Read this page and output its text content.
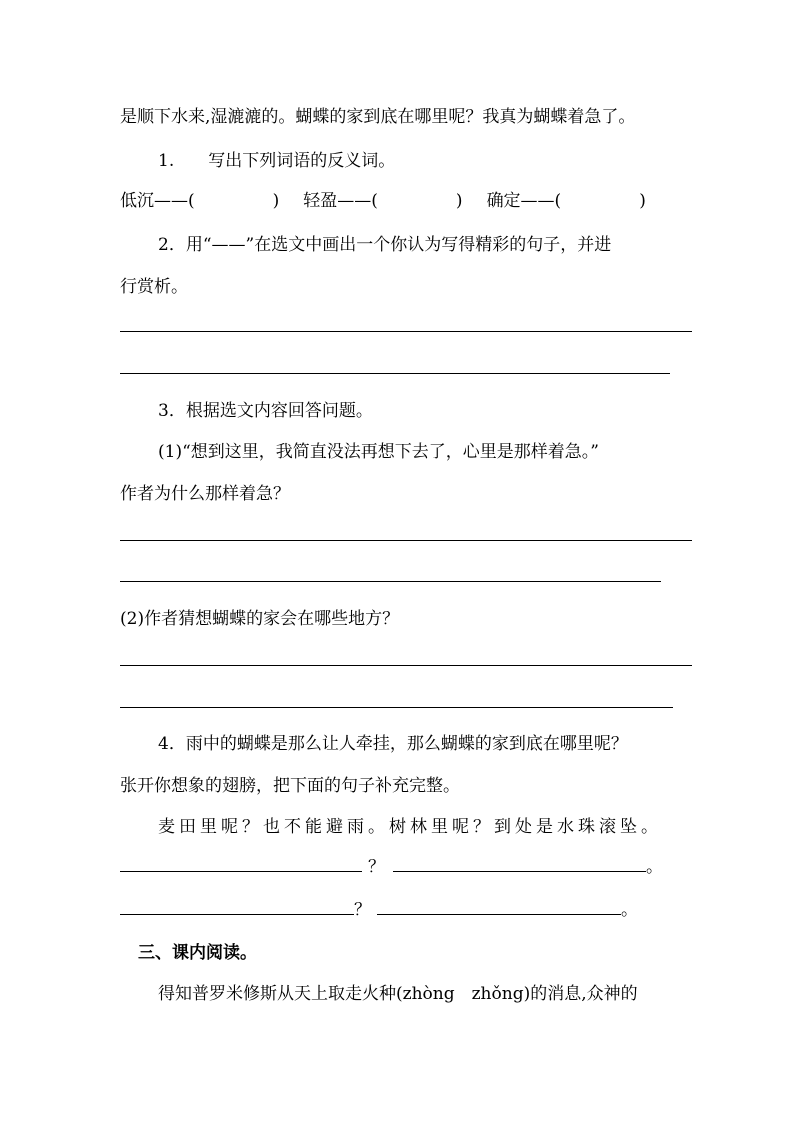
是顺下水来,湿漉漉的。蝴蝶的家到底在哪里呢？我真为蝴蝶着急了。
1.　　写出下列词语的反义词。
低沉——(	) 轻盈——(	) 确定——(	)
2．用“——”在选文中画出一个你认为写得精彩的句子，并进
行赏析。
3．根据选文内容回答问题。
(1)“想到这里，我简直没法再想下去了，心里是那样着急。”
作者为什么那样着急？
(2)作者猜想蝴蝶的家会在哪些地方？
4．雨中的蝴蝶是那么让人牵挂，那么蝴蝶的家到底在哪里呢？
张开你想象的翅膀，把下面的句子补充完整。
麦田里呢？也不能避雨。树林里呢？到处是水珠滚坠。
？	。
？	。
三、课内阅读。
得知普罗米修斯从天上取走火种(zhòng　zhǒng)的消息,众神的
